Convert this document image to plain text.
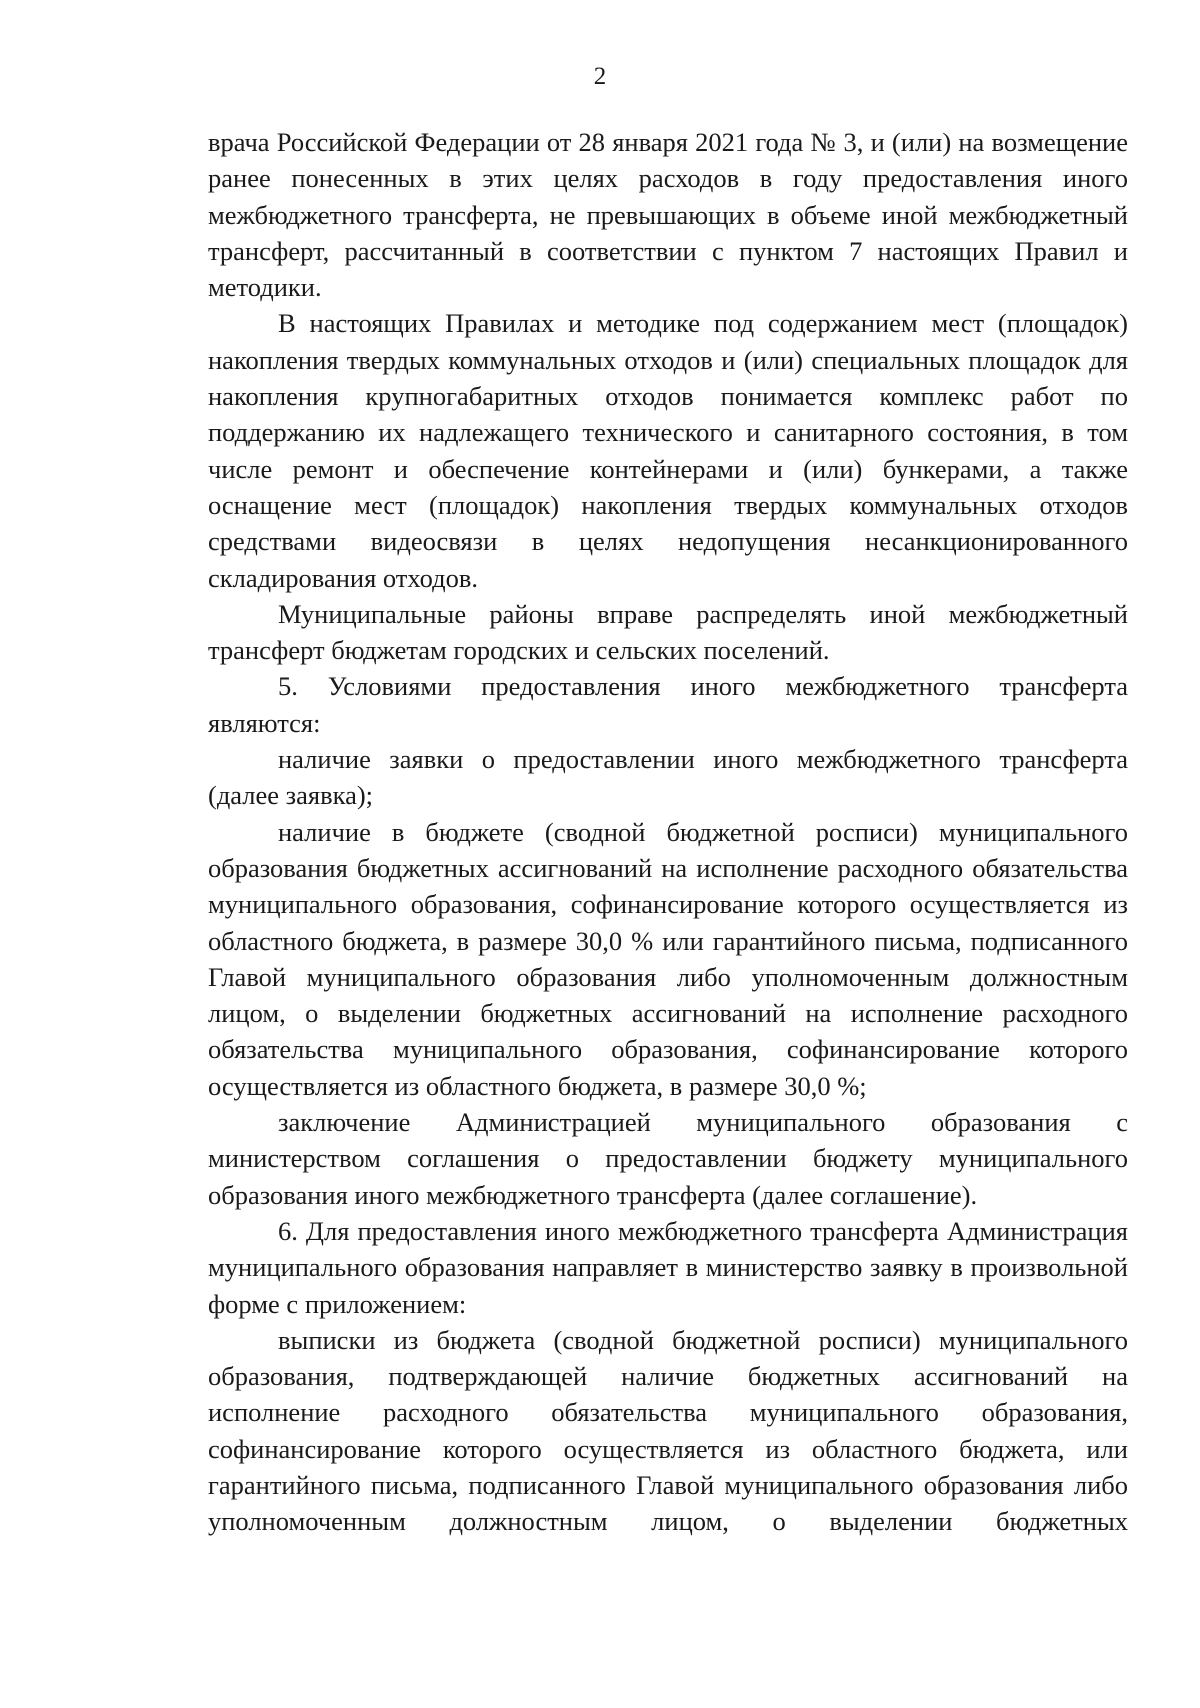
2

врача Российской Федерации от 28 января 2021 года № 3, и (или) на возмещение ранее понесенных в этих целях расходов в году предоставления иного межбюджетного трансферта, не превышающих в объеме иной межбюджетный трансферт, рассчитанный в соответствии с пунктом 7 настоящих Правил и методики.

В настоящих Правилах и методике под содержанием мест (площадок) накопления твердых коммунальных отходов и (или) специальных площадок для накопления крупногабаритных отходов понимается комплекс работ по поддержанию их надлежащего технического и санитарного состояния, в том числе ремонт и обеспечение контейнерами и (или) бункерами, а также оснащение мест (площадок) накопления твердых коммунальных отходов средствами видеосвязи в целях недопущения несанкционированного складирования отходов.

Муниципальные районы вправе распределять иной межбюджетный трансферт бюджетам городских и сельских поселений.

5. Условиями предоставления иного межбюджетного трансферта являются:

наличие заявки о предоставлении иного межбюджетного трансферта (далее заявка);

наличие в бюджете (сводной бюджетной росписи) муниципального образования бюджетных ассигнований на исполнение расходного обязательства муниципального образования, софинансирование которого осуществляется из областного бюджета, в размере 30,0 % или гарантийного письма, подписанного Главой муниципального образования либо уполномоченным должностным лицом, о выделении бюджетных ассигнований на исполнение расходного обязательства муниципального образования, софинансирование которого осуществляется из областного бюджета, в размере 30,0 %;

заключение Администрацией муниципального образования с министерством соглашения о предоставлении бюджету муниципального образования иного межбюджетного трансферта (далее соглашение).

6. Для предоставления иного межбюджетного трансферта Администрация муниципального образования направляет в министерство заявку в произвольной форме с приложением:

выписки из бюджета (сводной бюджетной росписи) муниципального образования, подтверждающей наличие бюджетных ассигнований на исполнение расходного обязательства муниципального образования, софинансирование которого осуществляется из областного бюджета, или гарантийного письма, подписанного Главой муниципального образования либо уполномоченным должностным лицом, о выделении бюджетных
